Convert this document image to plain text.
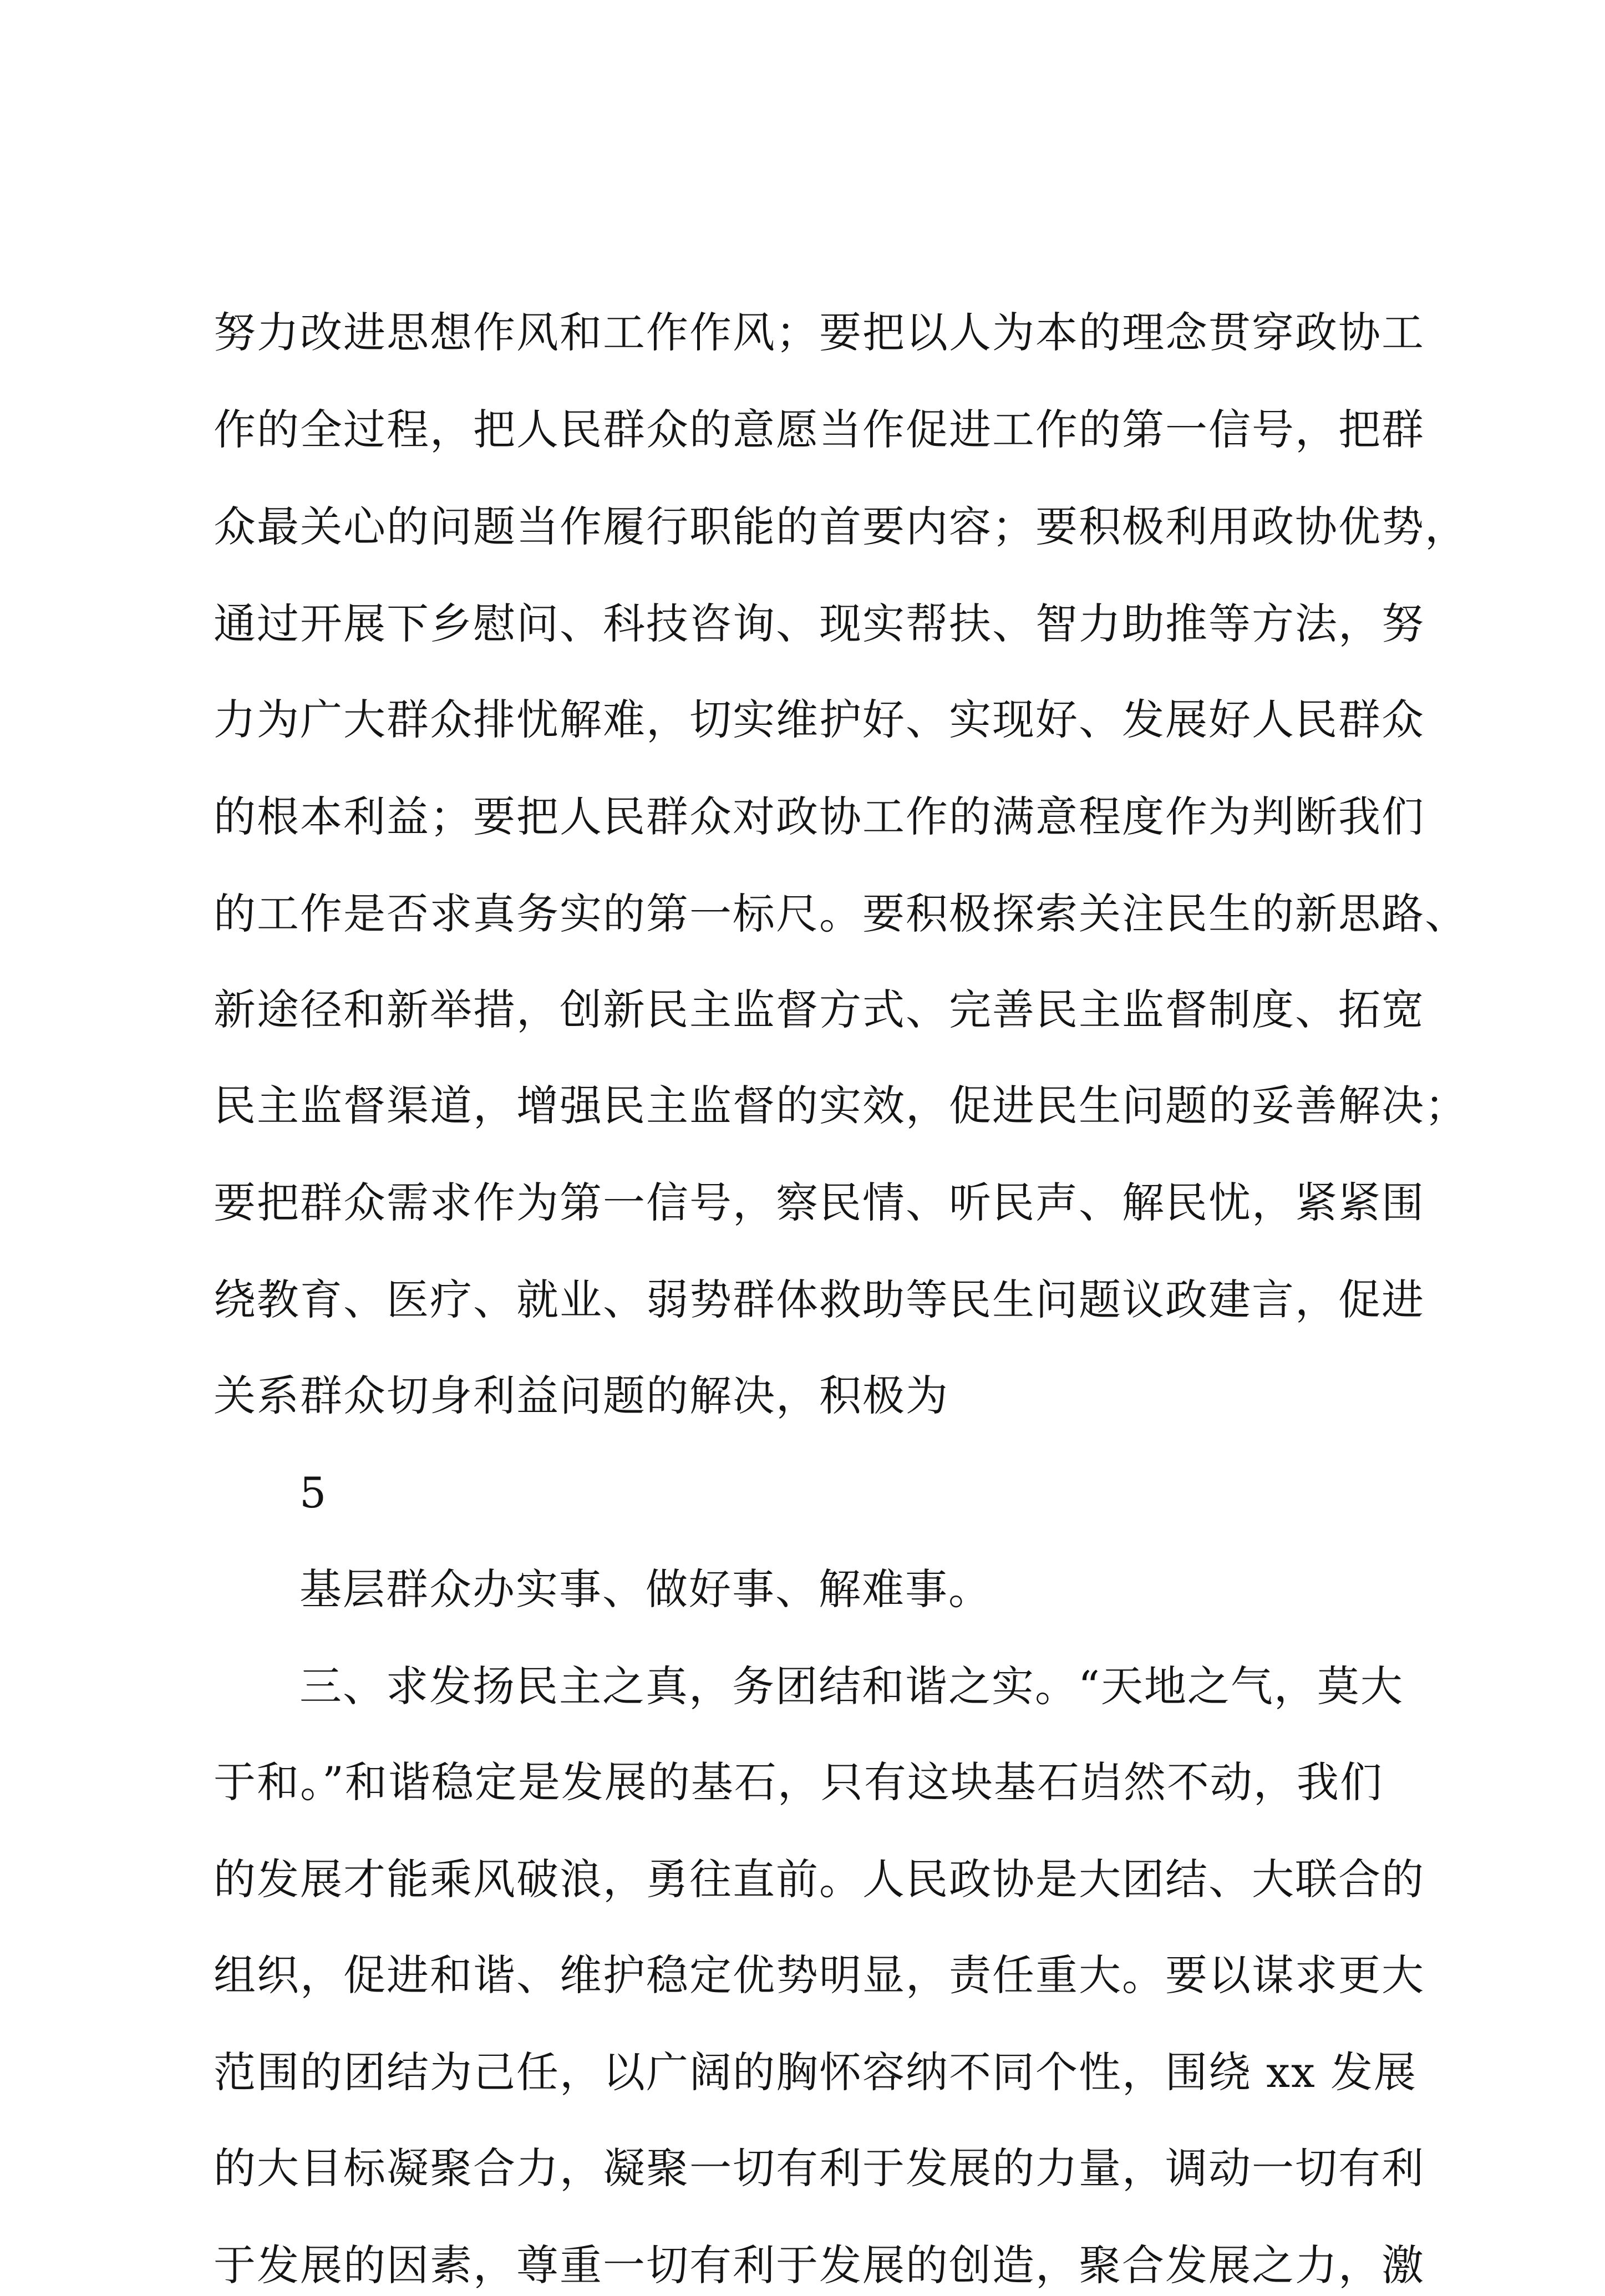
努力改进思想作风和工作作风；要把以人为本的理念贯穿政协工
作的全过程，把人民群众的意愿当作促进工作的第一信号，把群
众最关心的问题当作履行职能的首要内容；要积极利用政协优势，
通过开展下乡慰问、科技咨询、现实帮扶、智力助推等方法，努
力为广大群众排忧解难，切实维护好、实现好、发展好人民群众
的根本利益；要把人民群众对政协工作的满意程度作为判断我们
的工作是否求真务实的第一标尺。要积极探索关注民生的新思路、
新途径和新举措，创新民主监督方式、完善民主监督制度、拓宽
民主监督渠道，增强民主监督的实效，促进民生问题的妥善解决；
要把群众需求作为第一信号，察民情、听民声、解民忧，紧紧围
绕教育、医疗、就业、弱势群体救助等民生问题议政建言，促进
关系群众切身利益问题的解决，积极为
5
基层群众办实事、做好事、解难事。
三、求发扬民主之真，务团结和谐之实。“天地之气，莫大
于和。”和谐稳定是发展的基石，只有这块基石岿然不动，我们
的发展才能乘风破浪，勇往直前。人民政协是大团结、大联合的
组织，促进和谐、维护稳定优势明显，责任重大。要以谋求更大
范围的团结为己任，以广阔的胸怀容纳不同个性，围绕 xx 发展
的大目标凝聚合力，凝聚一切有利于发展的力量，调动一切有利
于发展的因素，尊重一切有利于发展的创造，聚合发展之力，激
